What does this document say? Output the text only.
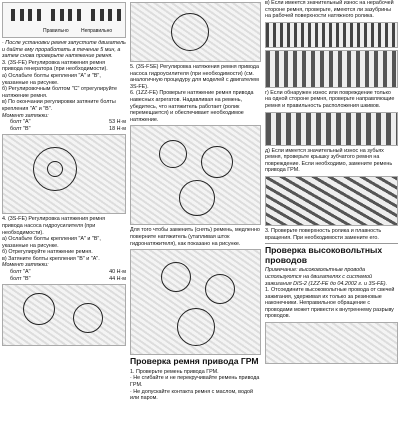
Правильно Неправильно

· После установки ремня запустите двигатель и дайте ему проработать в течение 5 мин, а затем снова проверьте натяжение ремня.

3. (3S-FE) Регулировка натяжения ремня привода генератора (при необходимости).

а) Ослабьте болты крепления "A" и "B", указанные на рисунке.

б) Регулировочным болтом "C" отрегулируйте натяжение ремня.

в) По окончании регулировки затяните болты крепления "A" и "B".

Момент затяжки:

болт "A"	53 Н·м
болт "B"	18 Н·м

4. (3S-FE) Регулировка натяжения ремня привода насоса гидроусилителя (при необходимости).

а) Ослабьте болты крепления "A" и "B", указанные на рисунке.

б) Отрегулируйте натяжение ремня.

в) Затяните болты крепления "B" и "A".

Момент затяжки:

болт "A"	40 Н·м
болт "B"	44 Н·м

5. (3S-FSE) Регулировка натяжения ремня привода насоса гидроусилителя (при необходимости) (см. аналогичную процедуру для моделей с двигателем 3S-FE).

6. (1ZZ-FE) Проверьте натяжение ремня привода навесных агрегатов. Надавливая на ремень, убедитесь, что натяжитель работает (ролик перемещается) и обеспечивает необходимое натяжение.

Для того чтобы заменить (снять) ремень, медленно поверните натяжитель (утапливая шток гидронатяжителя), как показано на рисунке.

Проверка ремня привода ГРМ

1. Проверьте ремень привода ГРМ.

· Не сгибайте и не перекручивайте ремень привода ГРМ.

· Не допускайте контакта ремня с маслом, водой или паром.

в) Если имеется значительный износ на нерабочей стороне ремня, проверьте, имеются ли зазубрины на рабочей поверхности натяжного ролика.

г) Если обнаружен износ или повреждение только на одной стороне ремня, проверьте направляющие ремня и правильность расположения шкивов.

д) Если имеется значительный износ на зубьях ремня, проверьте крышку зубчатого ремня на повреждение. Если необходимо, замените ремень привода ГРМ.

3. Проверьте поверхность ролика и плавность вращения. При необходимости замените его.

Проверка высоковольтных проводов

Примечание: высоковольтные провода используются на двигателях с системой зажигания DIS-2 (1ZZ-FE до 04.2002 г. и 3S-FE).

1. Отсоедините высоковольтные провода от свечей зажигания, удерживая их только за резиновые наконечники. Неправильное обращение с проводами может привести к внутреннему разрыву проводов.
